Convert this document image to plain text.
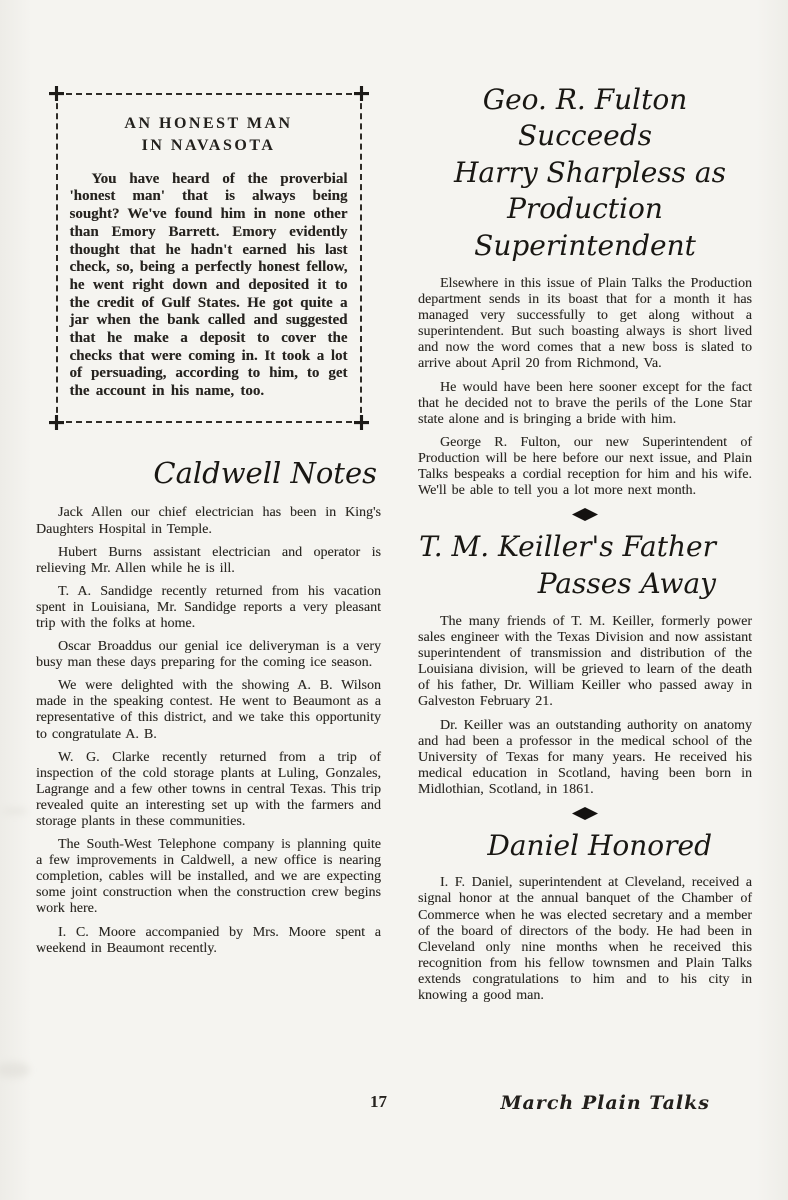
AN HONEST MAN
IN NAVASOTA
You have heard of the proverbial 'honest man' that is always being sought? We've found him in none other than Emory Barrett. Emory evidently thought that he hadn't earned his last check, so, being a perfectly honest fellow, he went right down and deposited it to the credit of Gulf States. He got quite a jar when the bank called and suggested that he make a deposit to cover the checks that were coming in. It took a lot of persuading, according to him, to get the account in his name, too.
Caldwell Notes

Jack Allen our chief electrician has been in King's Daughters Hospital in Temple.

Hubert Burns assistant electrician and operator is relieving Mr. Allen while he is ill.

T. A. Sandidge recently returned from his vacation spent in Louisiana, Mr. Sandidge reports a very pleasant trip with the folks at home.

Oscar Broaddus our genial ice deliveryman is a very busy man these days preparing for the coming ice season.

We were delighted with the showing A. B. Wilson made in the speaking contest. He went to Beaumont as a representative of this district, and we take this opportunity to congratulate A. B.

W. G. Clarke recently returned from a trip of inspection of the cold storage plants at Luling, Gonzales, Lagrange and a few other towns in central Texas. This trip revealed quite an interesting set up with the farmers and storage plants in these communities.

The South-West Telephone company is planning quite a few improvements in Caldwell, a new office is nearing completion, cables will be installed, and we are expecting some joint construction when the construction crew begins work here.

I. C. Moore accompanied by Mrs. Moore spent a weekend in Beaumont recently.

Geo. R. Fulton Succeeds
Harry Sharpless as
Production Superintendent

Elsewhere in this issue of Plain Talks the Production department sends in its boast that for a month it has managed very successfully to get along without a superintendent. But such boasting always is short lived and now the word comes that a new boss is slated to arrive about April 20 from Richmond, Va.

He would have been here sooner except for the fact that he decided not to brave the perils of the Lone Star state alone and is bringing a bride with him.

George R. Fulton, our new Superintendent of Production will be here before our next issue, and Plain Talks bespeaks a cordial reception for him and his wife. We'll be able to tell you a lot more next month.

T. M. Keiller's Father
Passes Away

The many friends of T. M. Keiller, formerly power sales engineer with the Texas Division and now assistant superintendent of transmission and distribution of the Louisiana division, will be grieved to learn of the death of his father, Dr. William Keiller who passed away in Galveston February 21.

Dr. Keiller was an outstanding authority on anatomy and had been a professor in the medical school of the University of Texas for many years. He received his medical education in Scotland, having been born in Midlothian, Scotland, in 1861.

Daniel Honored

I. F. Daniel, superintendent at Cleveland, received a signal honor at the annual banquet of the Chamber of Commerce when he was elected secretary and a member of the board of directors of the body. He had been in Cleveland only nine months when he received this recognition from his fellow townsmen and Plain Talks extends congratulations to him and to his city in knowing a good man.

17	March Plain Talks
